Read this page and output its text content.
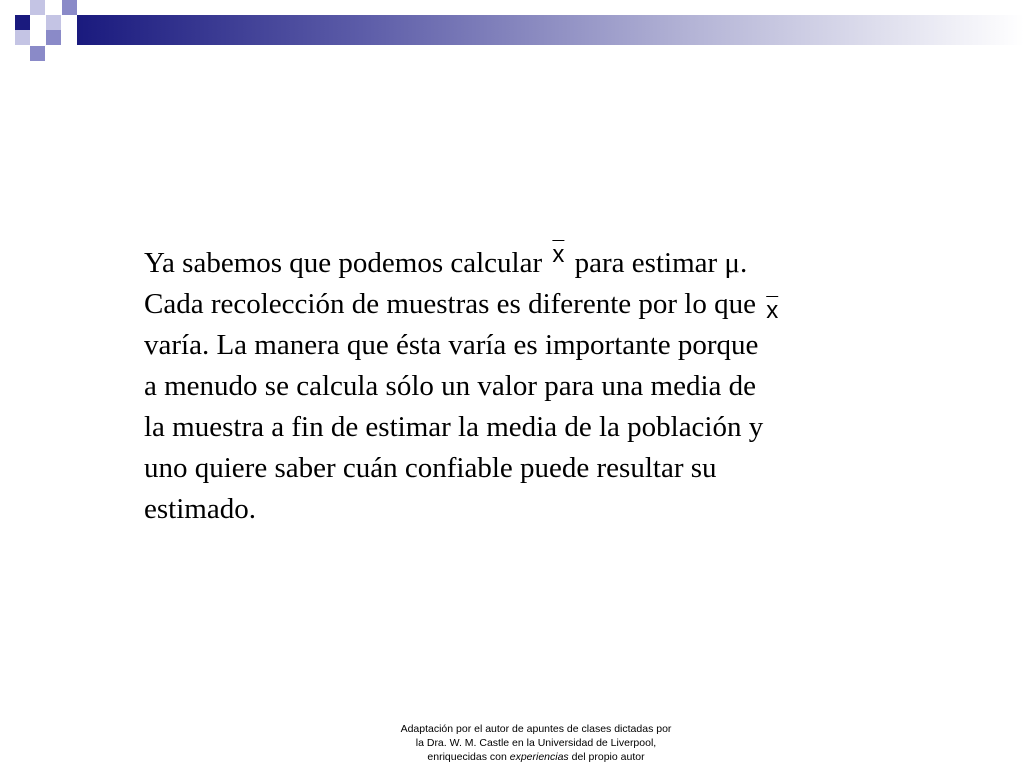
Ya sabemos que podemos calcular $\overline{x}$ para estimar μ.
Cada recolección de muestras es diferente por lo que $\overline{x}$
varía. La manera que ésta varía es importante porque
a menudo se calcula sólo un valor para una media de
la muestra a fin de estimar la media de la población y
uno quiere saber cuán confiable puede resultar su
estimado.
Adaptación por el autor de apuntes de clases dictadas por
la Dra. W. M. Castle en la Universidad de Liverpool,
enriquecidas con experiencias del propio autor
